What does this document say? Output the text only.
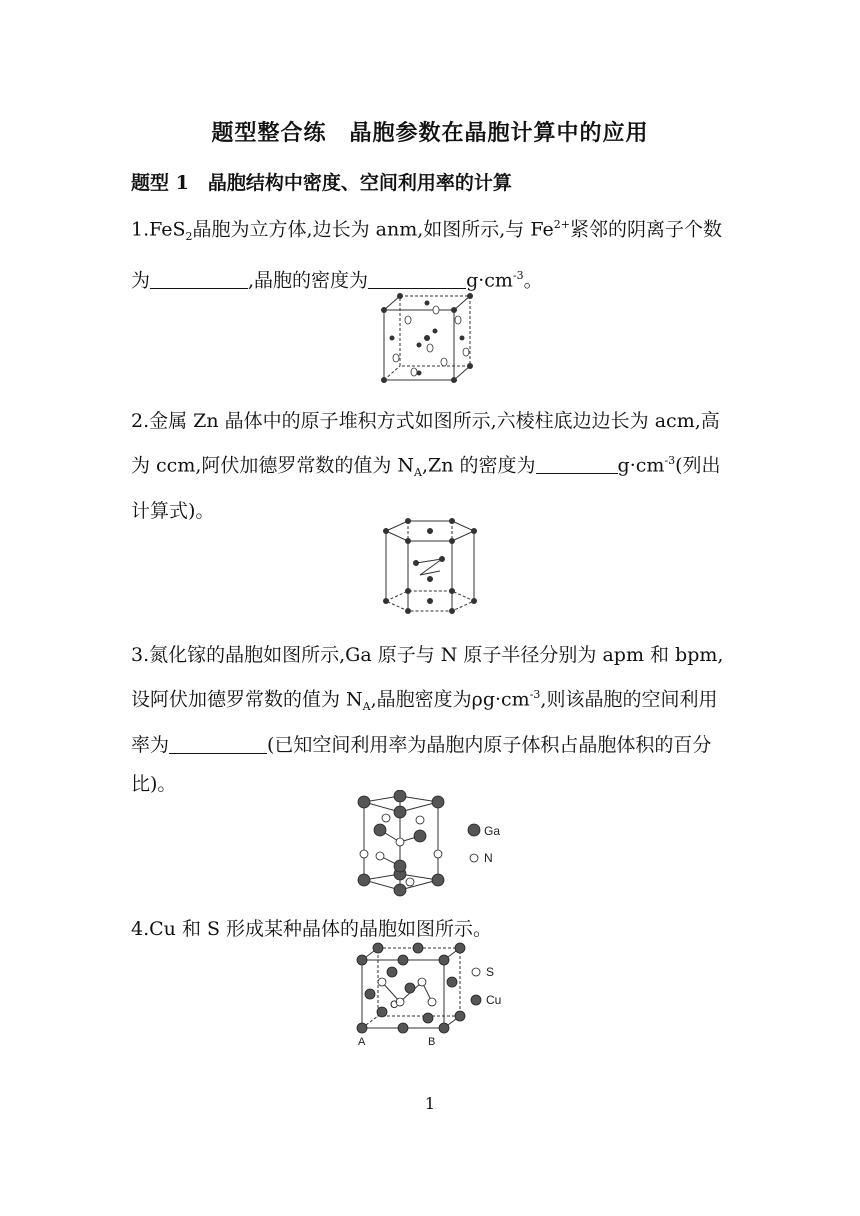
题型整合练　晶胞参数在晶胞计算中的应用
题型 1　晶胞结构中密度、空间利用率的计算
1.FeS$_2$晶胞为立方体,边长为 anm,如图所示,与 $Fe^{2+}$紧邻的阴离子个数为	,晶胞的密度为	$g\cdot cm^{-3}$。
2.金属 Zn 晶体中的原子堆积方式如图所示,六棱柱底边边长为 acm,高为 ccm,阿伏加德罗常数的值为 $N_A,Zn$ 的密度为	$g\cdot cm^{-3}$(列出计算式)。
3.氮化镓的晶胞如图所示,Ga 原子与 N 原子半径分别为 apm 和 bpm,设阿伏加德罗常数的值为 $N_A$,晶胞密度为$\rho g\cdot cm^{-3}$,则该晶胞的空间利用率为	(已知空间利用率为晶胞内原子体积占晶胞体积的百分比)。
Ga
N
4.Cu 和 S 形成某种晶体的晶胞如图所示。
S
Cu
A	B
C
1
